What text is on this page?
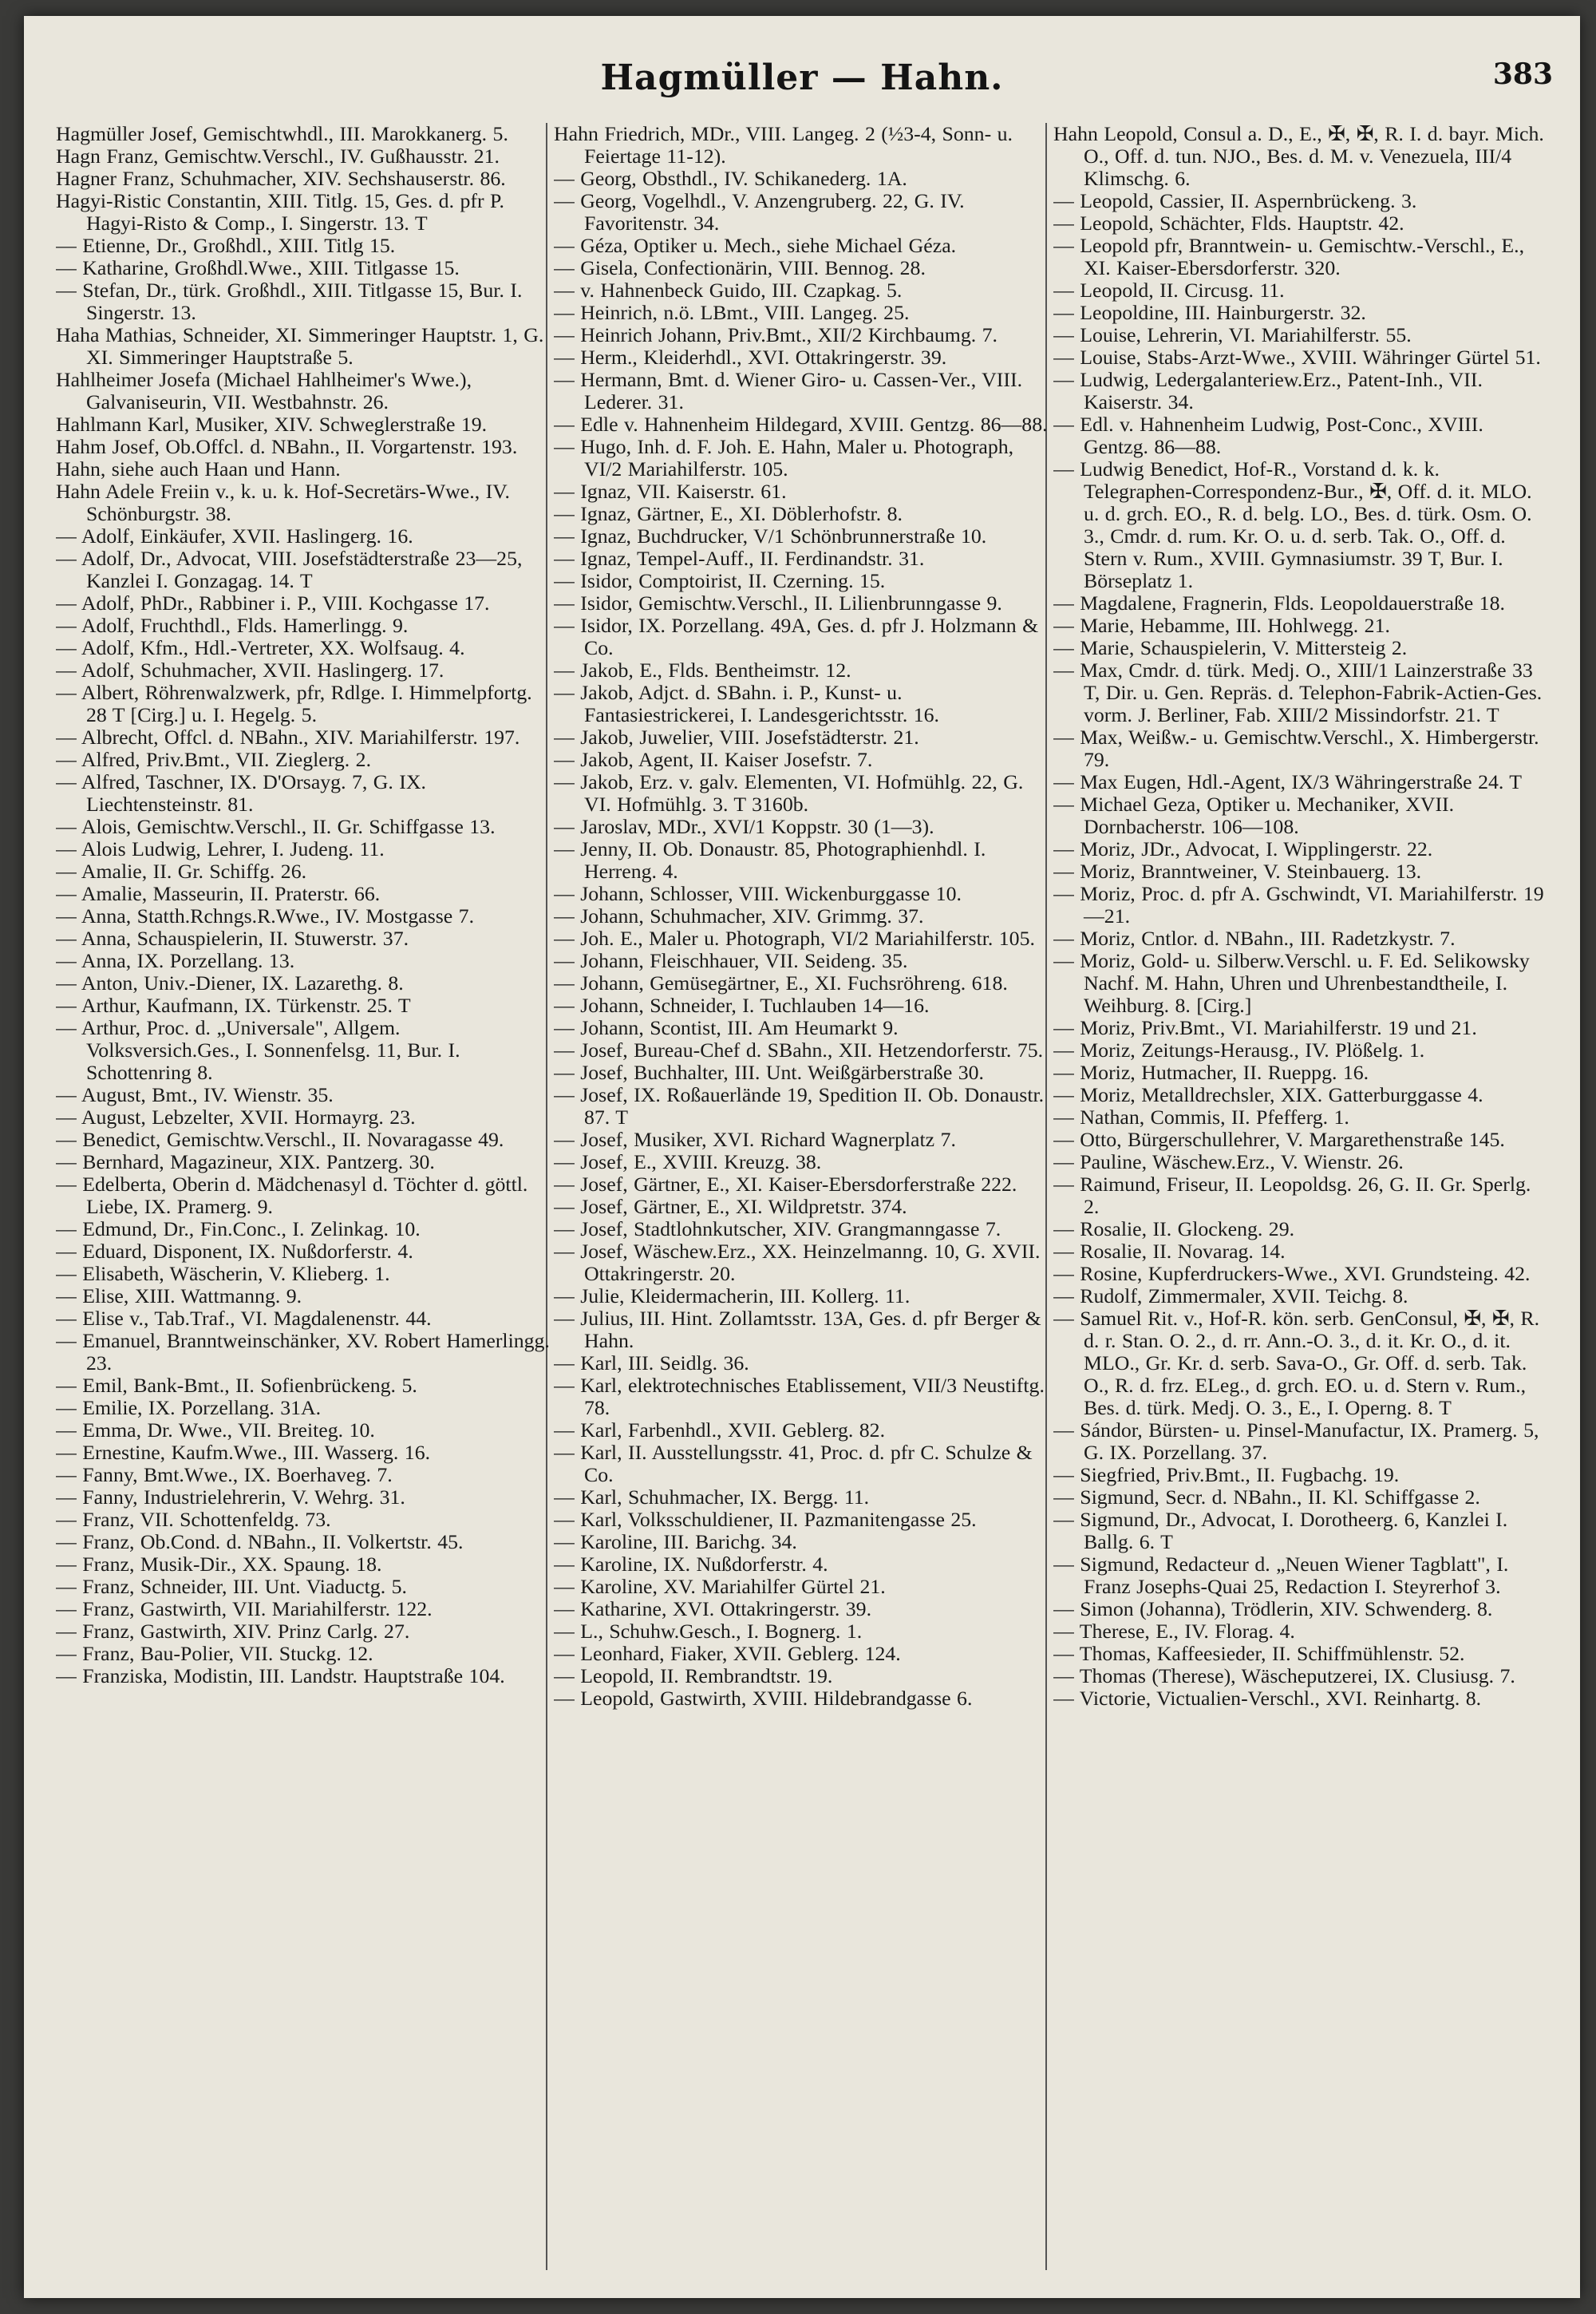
Hagmüller — Hahn.	383
Hagmüller Josef, Gemischtwhdl., III. Marokkanerg. 5.
Hagn Franz, Gemischtw.Verschl., IV. Gußhausstr. 21.
Hagner Franz, Schuhmacher, XIV. Sechshauserstr. 86.
Hagyi-Ristic Constantin, XIII. Titlg. 15, Ges. d. pfr P. Hagyi-Risto & Comp., I. Singerstr. 13. T
— Etienne, Dr., Großhdl., XIII. Titlg 15.
— Katharine, Großhdl.Wwe., XIII. Titlgasse 15.
— Stefan, Dr., türk. Großhdl., XIII. Titlgasse 15, Bur. I. Singerstr. 13.
Haha Mathias, Schneider, XI. Simmeringer Hauptstr. 1, G. XI. Simmeringer Hauptstraße 5.
Hahlheimer Josefa (Michael Hahlheimer's Wwe.), Galvaniseurin, VII. Westbahnstr. 26.
Hahlmann Karl, Musiker, XIV. Schweglerstraße 19.
Hahm Josef, Ob.Offcl. d. NBahn., II. Vorgartenstr. 193.
Hahn, siehe auch Haan und Hann.
Hahn Adele Freiin v., k. u. k. Hof-Secretärs-Wwe., IV. Schönburgstr. 38.
— Adolf, Einkäufer, XVII. Haslingerg. 16.
— Adolf, Dr., Advocat, VIII. Josefstädterstraße 23—25, Kanzlei I. Gonzagag. 14. T
— Adolf, PhDr., Rabbiner i. P., VIII. Kochgasse 17.
— Adolf, Fruchthdl., Flds. Hamerlingg. 9.
— Adolf, Kfm., Hdl.-Vertreter, XX. Wolfsaug. 4.
— Adolf, Schuhmacher, XVII. Haslingerg. 17.
— Albert, Röhrenwalzwerk, pfr, Rdlge. I. Himmelpfortg. 28 T [Cirg.] u. I. Hegelg. 5.
— Albrecht, Offcl. d. NBahn., XIV. Mariahilferstr. 197.
— Alfred, Priv.Bmt., VII. Zieglerg. 2.
— Alfred, Taschner, IX. D'Orsayg. 7, G. IX. Liechtensteinstr. 81.
— Alois, Gemischtw.Verschl., II. Gr. Schiffgasse 13.
— Alois Ludwig, Lehrer, I. Judeng. 11.
— Amalie, II. Gr. Schiffg. 26.
— Amalie, Masseurin, II. Praterstr. 66.
— Anna, Statth.Rchngs.R.Wwe., IV. Mostgasse 7.
— Anna, Schauspielerin, II. Stuwerstr. 37.
— Anna, IX. Porzellang. 13.
— Anton, Univ.-Diener, IX. Lazarethg. 8.
— Arthur, Kaufmann, IX. Türkenstr. 25. T
— Arthur, Proc. d. „Universale", Allgem. Volksversich.Ges., I. Sonnenfelsg. 11, Bur. I. Schottenring 8.
— August, Bmt., IV. Wienstr. 35.
— August, Lebzelter, XVII. Hormayrg. 23.
— Benedict, Gemischtw.Verschl., II. Novaragasse 49.
— Bernhard, Magazineur, XIX. Pantzerg. 30.
— Edelberta, Oberin d. Mädchenasyl d. Töchter d. göttl. Liebe, IX. Pramerg. 9.
— Edmund, Dr., Fin.Conc., I. Zelinkag. 10.
— Eduard, Disponent, IX. Nußdorferstr. 4.
— Elisabeth, Wäscherin, V. Klieberg. 1.
— Elise, XIII. Wattmanng. 9.
— Elise v., Tab.Traf., VI. Magdalenenstr. 44.
— Emanuel, Branntweinschänker, XV. Robert Hamerlingg. 23.
— Emil, Bank-Bmt., II. Sofienbrückeng. 5.
— Emilie, IX. Porzellang. 31A.
— Emma, Dr. Wwe., VII. Breiteg. 10.
— Ernestine, Kaufm.Wwe., III. Wasserg. 16.
— Fanny, Bmt.Wwe., IX. Boerhaveg. 7.
— Fanny, Industrielehrerin, V. Wehrg. 31.
— Franz, VII. Schottenfeldg. 73.
— Franz, Ob.Cond. d. NBahn., II. Volkertstr. 45.
— Franz, Musik-Dir., XX. Spaung. 18.
— Franz, Schneider, III. Unt. Viaductg. 5.
— Franz, Gastwirth, VII. Mariahilferstr. 122.
— Franz, Gastwirth, XIV. Prinz Carlg. 27.
— Franz, Bau-Polier, VII. Stuckg. 12.
— Franziska, Modistin, III. Landstr. Hauptstraße 104.
Hahn Friedrich, MDr., VIII. Langeg. 2 (½3-4, Sonn- u. Feiertage 11-12).
— Georg, Obsthdl., IV. Schikanederg. 1A.
— Georg, Vogelhdl., V. Anzengruberg. 22, G. IV. Favoritenstr. 34.
— Géza, Optiker u. Mech., siehe Michael Géza.
— Gisela, Confectionärin, VIII. Bennog. 28.
— v. Hahnenbeck Guido, III. Czapkag. 5.
— Heinrich, n.ö. LBmt., VIII. Langeg. 25.
— Heinrich Johann, Priv.Bmt., XII/2 Kirchbaumg. 7.
— Herm., Kleiderhdl., XVI. Ottakringerstr. 39.
— Hermann, Bmt. d. Wiener Giro- u. Cassen-Ver., VIII. Lederer. 31.
— Edle v. Hahnenheim Hildegard, XVIII. Gentzg. 86—88.
— Hugo, Inh. d. F. Joh. E. Hahn, Maler u. Photograph, VI/2 Mariahilferstr. 105.
— Ignaz, VII. Kaiserstr. 61.
— Ignaz, Gärtner, E., XI. Döblerhofstr. 8.
— Ignaz, Buchdrucker, V/1 Schönbrunnerstraße 10.
— Ignaz, Tempel-Auff., II. Ferdinandstr. 31.
— Isidor, Comptoirist, II. Czerning. 15.
— Isidor, Gemischtw.Verschl., II. Lilienbrunngasse 9.
— Isidor, IX. Porzellang. 49A, Ges. d. pfr J. Holzmann & Co.
— Jakob, E., Flds. Bentheimstr. 12.
— Jakob, Adjct. d. SBahn. i. P., Kunst- u. Fantasiestrickerei, I. Landesgerichtsstr. 16.
— Jakob, Juwelier, VIII. Josefstädterstr. 21.
— Jakob, Agent, II. Kaiser Josefstr. 7.
— Jakob, Erz. v. galv. Elementen, VI. Hofmühlg. 22, G. VI. Hofmühlg. 3. T 3160b.
— Jaroslav, MDr., XVI/1 Koppstr. 30 (1—3).
— Jenny, II. Ob. Donaustr. 85, Photographienhdl. I. Herreng. 4.
— Johann, Schlosser, VIII. Wickenburggasse 10.
— Johann, Schuhmacher, XIV. Grimmg. 37.
— Joh. E., Maler u. Photograph, VI/2 Mariahilferstr. 105.
— Johann, Fleischhauer, VII. Seideng. 35.
— Johann, Gemüsegärtner, E., XI. Fuchsröhreng. 618.
— Johann, Schneider, I. Tuchlauben 14—16.
— Johann, Scontist, III. Am Heumarkt 9.
— Josef, Bureau-Chef d. SBahn., XII. Hetzendorferstr. 75.
— Josef, Buchhalter, III. Unt. Weißgärberstraße 30.
— Josef, IX. Roßauerlände 19, Spedition II. Ob. Donaustr. 87. T
— Josef, Musiker, XVI. Richard Wagnerplatz 7.
— Josef, E., XVIII. Kreuzg. 38.
— Josef, Gärtner, E., XI. Kaiser-Ebersdorferstraße 222.
— Josef, Gärtner, E., XI. Wildpretstr. 374.
— Josef, Stadtlohnkutscher, XIV. Grangmanngasse 7.
— Josef, Wäschew.Erz., XX. Heinzelmanng. 10, G. XVII. Ottakringerstr. 20.
— Julie, Kleidermacherin, III. Kollerg. 11.
— Julius, III. Hint. Zollamtsstr. 13A, Ges. d. pfr Berger & Hahn.
— Karl, III. Seidlg. 36.
— Karl, elektrotechnisches Etablissement, VII/3 Neustiftg. 78.
— Karl, Farbenhdl., XVII. Geblerg. 82.
— Karl, II. Ausstellungsstr. 41, Proc. d. pfr C. Schulze & Co.
— Karl, Schuhmacher, IX. Bergg. 11.
— Karl, Volksschuldiener, II. Pazmanitengasse 25.
— Karoline, III. Barichg. 34.
— Karoline, IX. Nußdorferstr. 4.
— Karoline, XV. Mariahilfer Gürtel 21.
— Katharine, XVI. Ottakringerstr. 39.
— L., Schuhw.Gesch., I. Bognerg. 1.
— Leonhard, Fiaker, XVII. Geblerg. 124.
— Leopold, II. Rembrandtstr. 19.
— Leopold, Gastwirth, XVIII. Hildebrandgasse 6.
Hahn Leopold, Consul a. D., E., ✠, ✠, R. I. d. bayr. Mich. O., Off. d. tun. NJO., Bes. d. M. v. Venezuela, III/4 Klimschg. 6.
— Leopold, Cassier, II. Aspernbrückeng. 3.
— Leopold, Schächter, Flds. Hauptstr. 42.
— Leopold pfr, Branntwein- u. Gemischtw.-Verschl., E., XI. Kaiser-Ebersdorferstr. 320.
— Leopold, II. Circusg. 11.
— Leopoldine, III. Hainburgerstr. 32.
— Louise, Lehrerin, VI. Mariahilferstr. 55.
— Louise, Stabs-Arzt-Wwe., XVIII. Währinger Gürtel 51.
— Ludwig, Ledergalanteriew.Erz., Patent-Inh., VII. Kaiserstr. 34.
— Edl. v. Hahnenheim Ludwig, Post-Conc., XVIII. Gentzg. 86—88.
— Ludwig Benedict, Hof-R., Vorstand d. k. k. Telegraphen-Correspondenz-Bur., ✠, Off. d. it. MLO. u. d. grch. EO., R. d. belg. LO., Bes. d. türk. Osm. O. 3., Cmdr. d. rum. Kr. O. u. d. serb. Tak. O., Off. d. Stern v. Rum., XVIII. Gymnasiumstr. 39 T, Bur. I. Börseplatz 1.
— Magdalene, Fragnerin, Flds. Leopoldauerstraße 18.
— Marie, Hebamme, III. Hohlwegg. 21.
— Marie, Schauspielerin, V. Mittersteig 2.
— Max, Cmdr. d. türk. Medj. O., XIII/1 Lainzerstraße 33 T, Dir. u. Gen. Repräs. d. Telephon-Fabrik-Actien-Ges. vorm. J. Berliner, Fab. XIII/2 Missindorfstr. 21. T
— Max, Weißw.- u. Gemischtw.Verschl., X. Himbergerstr. 79.
— Max Eugen, Hdl.-Agent, IX/3 Währingerstraße 24. T
— Michael Geza, Optiker u. Mechaniker, XVII. Dornbacherstr. 106—108.
— Moriz, JDr., Advocat, I. Wipplingerstr. 22.
— Moriz, Branntweiner, V. Steinbauerg. 13.
— Moriz, Proc. d. pfr A. Gschwindt, VI. Mariahilferstr. 19—21.
— Moriz, Cntlor. d. NBahn., III. Radetzkystr. 7.
— Moriz, Gold- u. Silberw.Verschl. u. F. Ed. Selikowsky Nachf. M. Hahn, Uhren und Uhrenbestandtheile, I. Weihburg. 8. [Cirg.]
— Moriz, Priv.Bmt., VI. Mariahilferstr. 19 und 21.
— Moriz, Zeitungs-Herausg., IV. Plößelg. 1.
— Moriz, Hutmacher, II. Rueppg. 16.
— Moriz, Metalldrechsler, XIX. Gatterburggasse 4.
— Nathan, Commis, II. Pfefferg. 1.
— Otto, Bürgerschullehrer, V. Margarethenstraße 145.
— Pauline, Wäschew.Erz., V. Wienstr. 26.
— Raimund, Friseur, II. Leopoldsg. 26, G. II. Gr. Sperlg. 2.
— Rosalie, II. Glockeng. 29.
— Rosalie, II. Novarag. 14.
— Rosine, Kupferdruckers-Wwe., XVI. Grundsteing. 42.
— Rudolf, Zimmermaler, XVII. Teichg. 8.
— Samuel Rit. v., Hof-R. kön. serb. GenConsul, ✠, ✠, R. d. r. Stan. O. 2., d. rr. Ann.-O. 3., d. it. Kr. O., d. it. MLO., Gr. Kr. d. serb. Sava-O., Gr. Off. d. serb. Tak. O., R. d. frz. ELeg., d. grch. EO. u. d. Stern v. Rum., Bes. d. türk. Medj. O. 3., E., I. Operng. 8. T
— Sándor, Bürsten- u. Pinsel-Manufactur, IX. Pramerg. 5, G. IX. Porzellang. 37.
— Siegfried, Priv.Bmt., II. Fugbachg. 19.
— Sigmund, Secr. d. NBahn., II. Kl. Schiffgasse 2.
— Sigmund, Dr., Advocat, I. Dorotheerg. 6, Kanzlei I. Ballg. 6. T
— Sigmund, Redacteur d. „Neuen Wiener Tagblatt", I. Franz Josephs-Quai 25, Redaction I. Steyrerhof 3.
— Simon (Johanna), Trödlerin, XIV. Schwenderg. 8.
— Therese, E., IV. Florag. 4.
— Thomas, Kaffeesieder, II. Schiffmühlenstr. 52.
— Thomas (Therese), Wäscheputzerei, IX. Clusiusg. 7.
— Victorie, Victualien-Verschl., XVI. Reinhartg. 8.
